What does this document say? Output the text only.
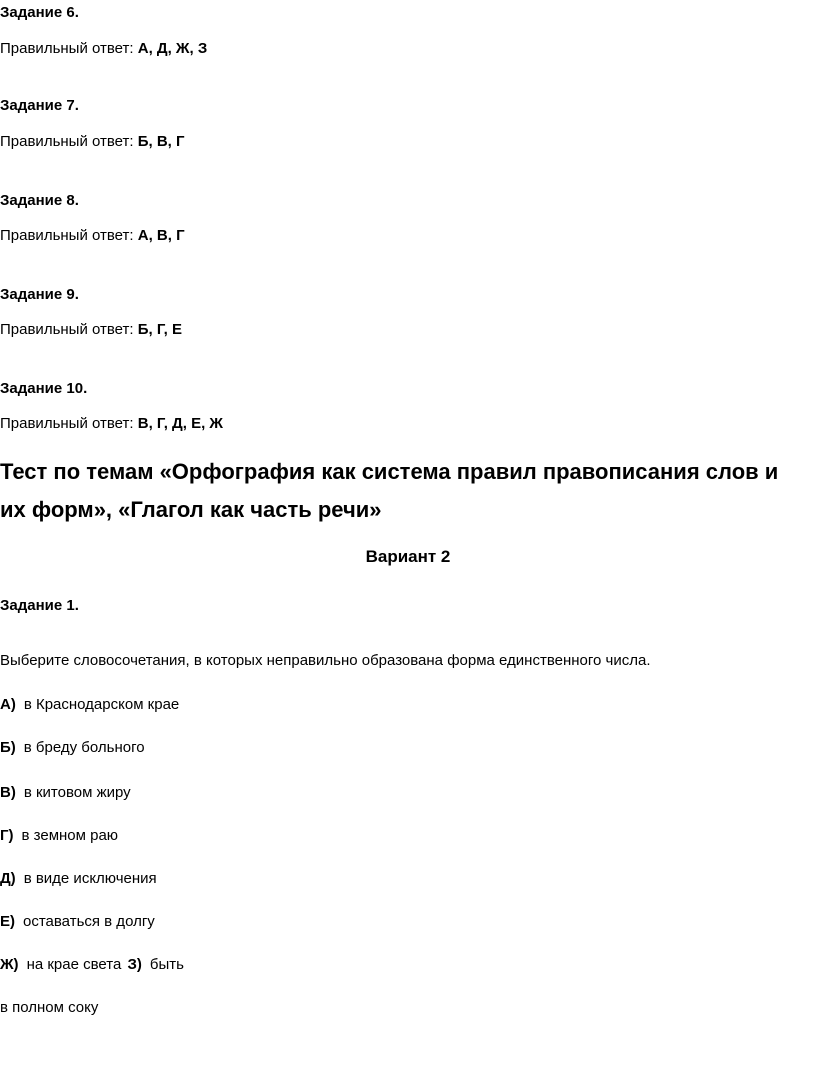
Задание 6.
Правильный ответ: А, Д, Ж, З
Задание 7.
Правильный ответ: Б, В, Г
Задание 8.
Правильный ответ: А, В, Г
Задание 9.
Правильный ответ: Б, Г, Е
Задание 10.
Правильный ответ: В, Г, Д, Е, Ж
Тест по темам «Орфография как система правил правописания слов и
их форм», «Глагол как часть речи»
Вариант 2
Задание 1.
Выберите словосочетания, в которых неправильно образована форма единственного числа.
А) в Краснодарском крае
Б) в бреду больного
В) в китовом жиру
Г) в земном раю
Д) в виде исключения
Е) оставаться в долгу
Ж) на крае света З) быть
в полном соку
